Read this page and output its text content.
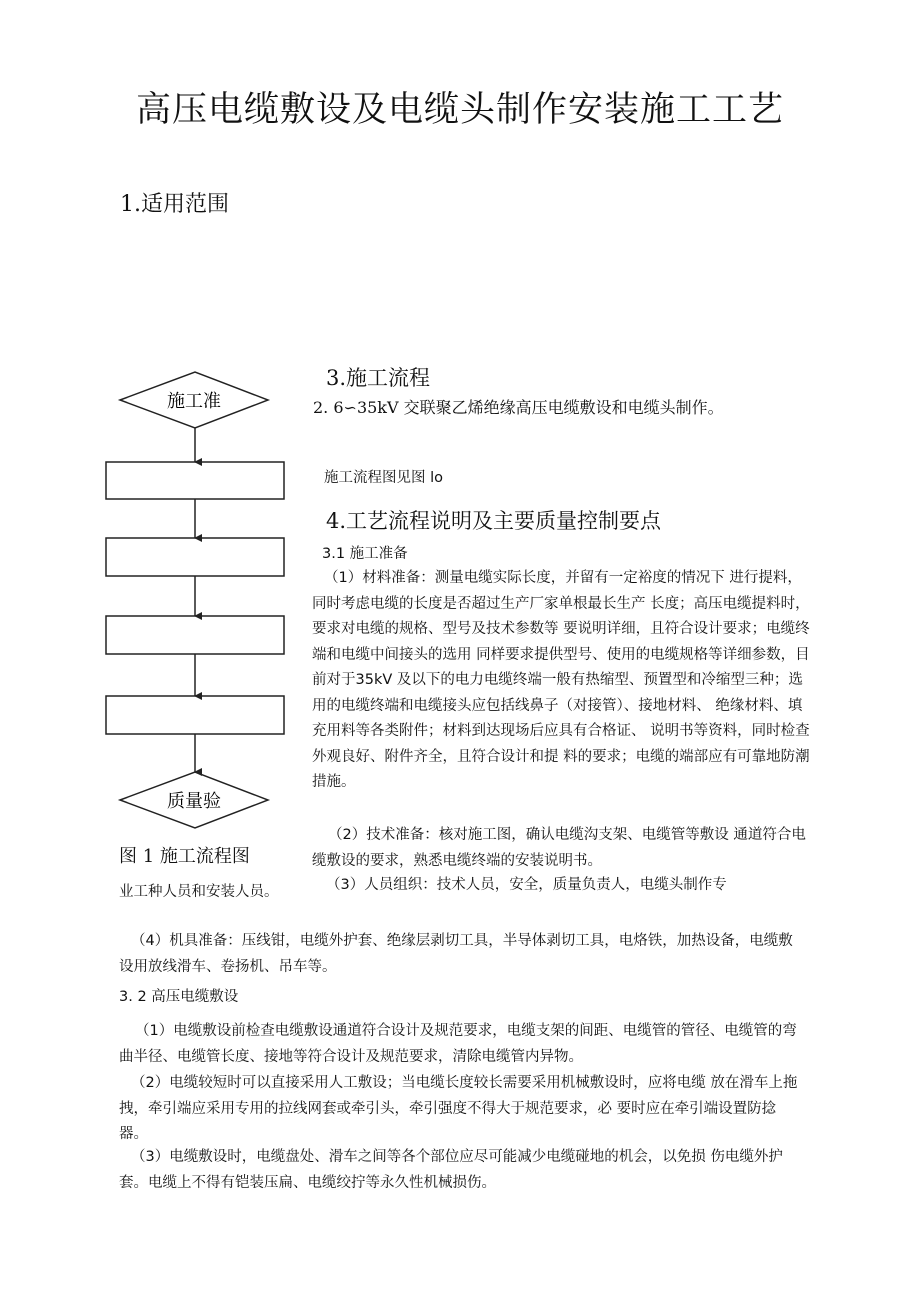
高压电缆敷设及电缆头制作安装施工工艺
1.适用范围
施工准
质量验
3.施工流程
2. 6∽35kV 交联聚乙烯绝缘高压电缆敷设和电缆头制作。
施工流程图见图 lo
4.工艺流程说明及主要质量控制要点
3.1 施工准备
（1）材料准备：测量电缆实际长度，并留有一定裕度的情况下 进行提料，同时考虑电缆的长度是否超过生产厂家单根最长生产 长度；高压电缆提料时，要求对电缆的规格、型号及技术参数等 要说明详细，且符合设计要求；电缆终端和电缆中间接头的选用 同样要求提供型号、使用的电缆规格等详细参数，目前对于35kV 及以下的电力电缆终端一般有热缩型、预置型和冷缩型三种；选 用的电缆终端和电缆接头应包括线鼻子（对接管）、接地材料、 绝缘材料、填充用料等各类附件；材料到达现场后应具有合格证、 说明书等资料，同时检查外观良好、附件齐全，且符合设计和提 料的要求；电缆的端部应有可靠地防潮措施。
（2）技术准备：核对施工图，确认电缆沟支架、电缆管等敷设 通道符合电缆敷设的要求，熟悉电缆终端的安装说明书。
（3）人员组织：技术人员，安全，质量负责人，电缆头制作专
图 1 施工流程图
业工种人员和安装人员。
（4）机具准备：压线钳，电缆外护套、绝缘层剥切工具，半导体剥切工具，电烙铁，加热设备，电缆敷设用放线滑车、卷扬机、吊车等。
3. 2 高压电缆敷设
（1）电缆敷设前检查电缆敷设通道符合设计及规范要求，电缆支架的间距、电缆管的管径、电缆管的弯曲半径、电缆管长度、接地等符合设计及规范要求，清除电缆管内异物。
（2）电缆较短时可以直接采用人工敷设；当电缆长度较长需要采用机械敷设时，应将电缆 放在滑车上拖拽，牵引端应采用专用的拉线网套或牵引头，牵引强度不得大于规范要求，必 要时应在牵引端设置防捻器。
（3）电缆敷设时，电缆盘处、滑车之间等各个部位应尽可能减少电缆碰地的机会，以免损 伤电缆外护套。电缆上不得有铠装压扁、电缆绞拧等永久性机械损伤。
